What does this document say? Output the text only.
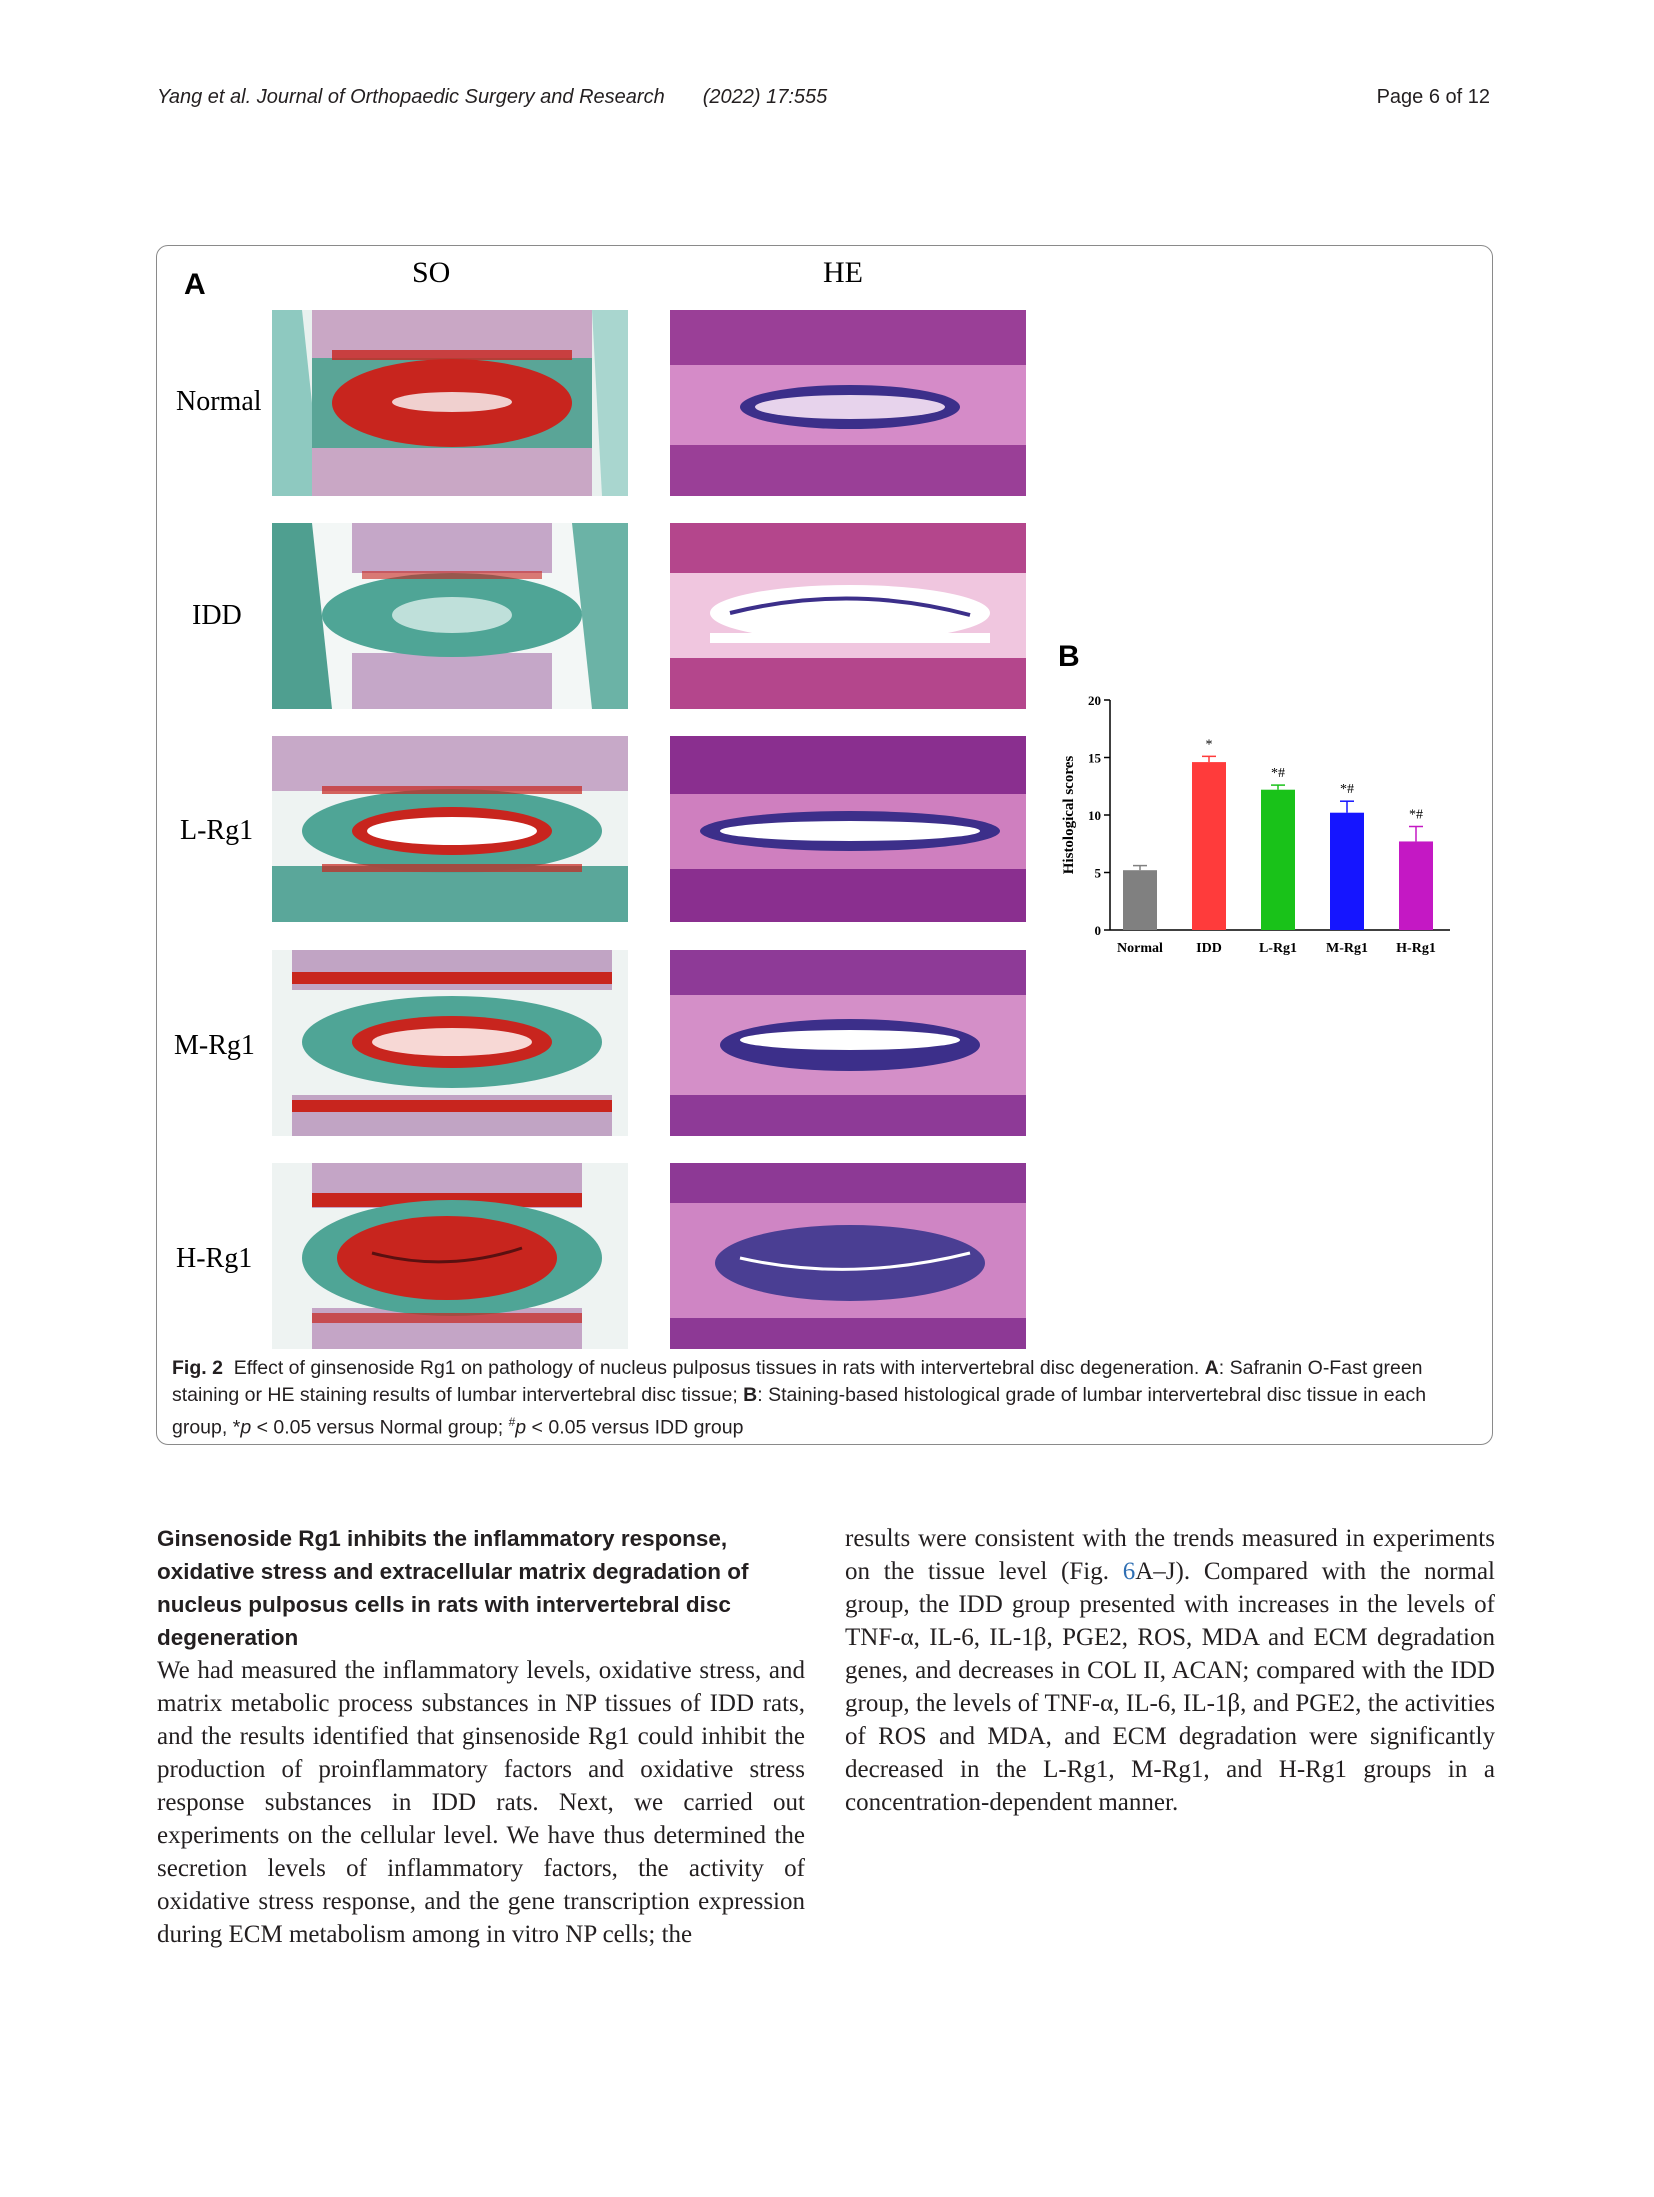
Yang et al. Journal of Orthopaedic Surgery and Research (2022) 17:555	Page 6 of 12
A	SO	HE
Normal
IDD
L-Rg1
M-Rg1
H-Rg1
B
0
5
10
15
20
Histological scores
Normal
*
IDD
*#
L-Rg1
*#
M-Rg1
*#
H-Rg1
Fig. 2 Effect of ginsenoside Rg1 on pathology of nucleus pulposus tissues in rats with intervertebral disc degeneration. A: Safranin O-Fast green staining or HE staining results of lumbar intervertebral disc tissue; B: Staining-based histological grade of lumbar intervertebral disc tissue in each group, *p < 0.05 versus Normal group; #p < 0.05 versus IDD group
Ginsenoside Rg1 inhibits the inflammatory response, oxidative stress and extracellular matrix degradation of nucleus pulposus cells in rats with intervertebral disc degeneration
We had measured the inflammatory levels, oxidative stress, and matrix metabolic process substances in NP tissues of IDD rats, and the results identified that ginsenoside Rg1 could inhibit the production of proinflammatory factors and oxidative stress response substances in IDD rats. Next, we carried out experiments on the cellular level. We have thus determined the secretion levels of inflammatory factors, the activity of oxidative stress response, and the gene transcription expression during ECM metabolism among in vitro NP cells; the
results were consistent with the trends measured in experiments on the tissue level (Fig. 6A–J). Compared with the normal group, the IDD group presented with increases in the levels of TNF-α, IL-6, IL-1β, PGE2, ROS, MDA and ECM degradation genes, and decreases in COL II, ACAN; compared with the IDD group, the levels of TNF-α, IL-6, IL-1β, and PGE2, the activities of ROS and MDA, and ECM degradation were significantly decreased in the L-Rg1, M-Rg1, and H-Rg1 groups in a concentration-dependent manner.
